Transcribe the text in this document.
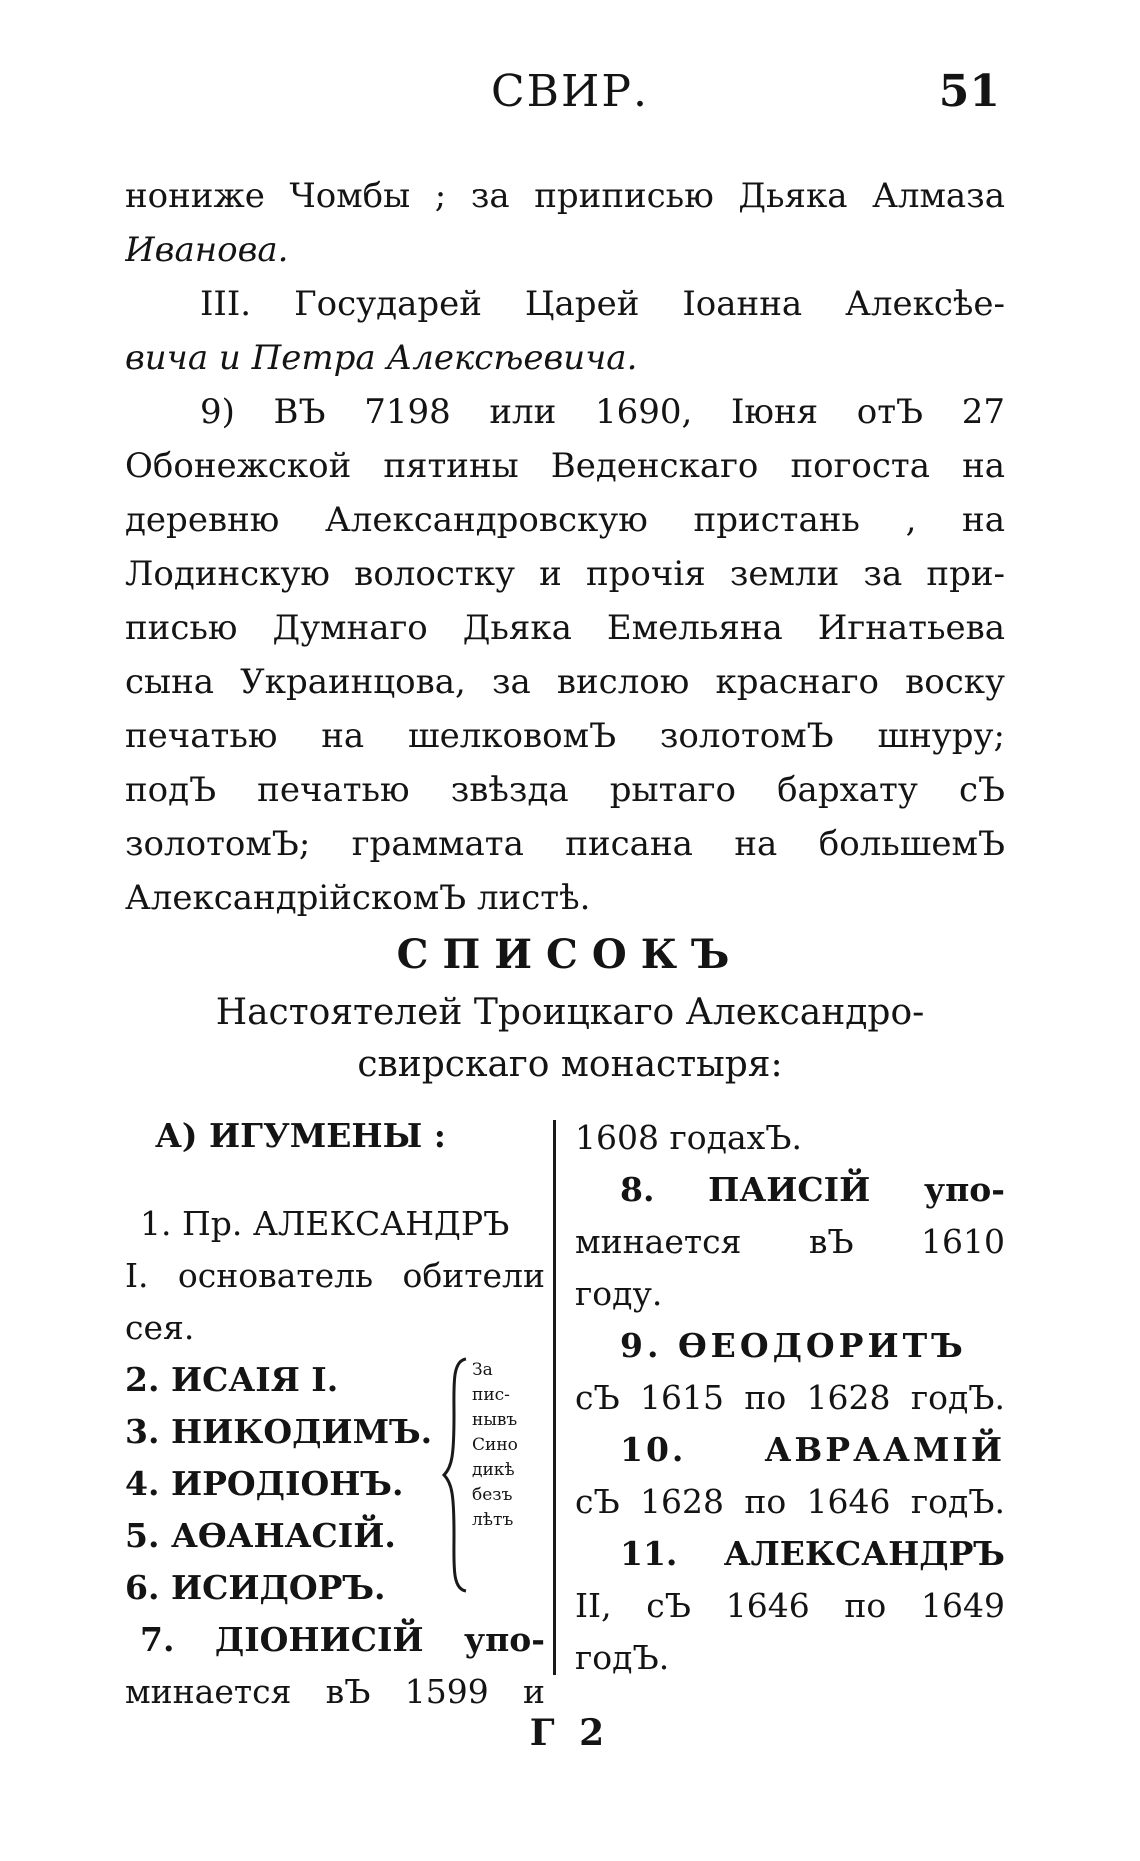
СВИР.	51
нониже Чомбы ; за приписью Дьяка Алмаза
Иванова.
III. Государей Царей Іоанна Алексѣе-
вича и Петра Алексѣевича.
9) ВЪ 7198 или 1690, Іюня отЪ 27
Обонежской пятины Веденскаго погоста на
деревню Александровскую пристань , на
Лодинскую волостку и прочія земли за при-
писью Думнаго Дьяка Емельяна Игнатьева
сына Украинцова, за вислою краснаго воску
печатью на шелковомЪ золотомЪ шнуру;
подЪ печатью звѣзда рытаго бархату сЪ
золотомЪ; граммата писана на большемЪ
АлександрійскомЪ листѣ.
СПИСОКЪ
Настоятелей Троицкаго Александро-
свирскаго монастыря:
А) ИГУМЕНЫ :
1. Пр. АЛЕКСАНДРЪ
I. основатель обители
сея.
2. ИСАІЯ I.
3. НИКОДИМЪ.
4. ИРОДІОНЪ.
5. АѲАНАСІЙ.
6. ИСИДОРЪ.
7. ДІОНИСІЙ упо-
минается вЪ 1599 и
За
пис-
нывъ
Сино
дикѣ
безъ
лѣтъ
1608 годахЪ.
8. ПАИСІЙ упо-
минается вЪ 1610
году.
9. ѲЕОДОРИТЪ
сЪ 1615 по 1628 годЪ.
10. АВРААМІЙ
сЪ 1628 по 1646 годЪ.
11. АЛЕКСАНДРЪ
II, сЪ 1646 по 1649
годЪ.
Г 2
